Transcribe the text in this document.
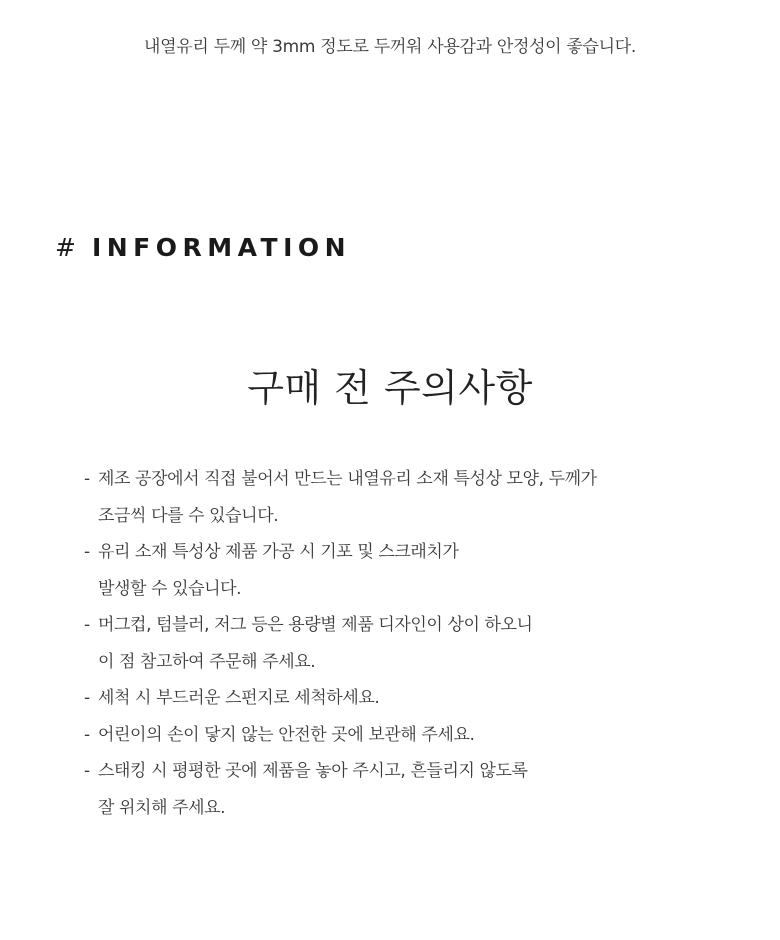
내열유리 두께 약 3mm 정도로 두꺼워 사용감과 안정성이 좋습니다.
# INFORMATION
구매 전 주의사항
- 제조 공장에서 직접 불어서 만드는 내열유리 소재 특성상 모양, 두께가
조금씩 다를 수 있습니다.
- 유리 소재 특성상 제품 가공 시 기포 및 스크래치가
발생할 수 있습니다.
- 머그컵, 텀블러, 저그 등은 용량별 제품 디자인이 상이 하오니
이 점 참고하여 주문해 주세요.
- 세척 시 부드러운 스펀지로 세척하세요.
- 어린이의 손이 닿지 않는 안전한 곳에 보관해 주세요.
- 스태킹 시 평평한 곳에 제품을 놓아 주시고, 흔들리지 않도록
잘 위치해 주세요.
